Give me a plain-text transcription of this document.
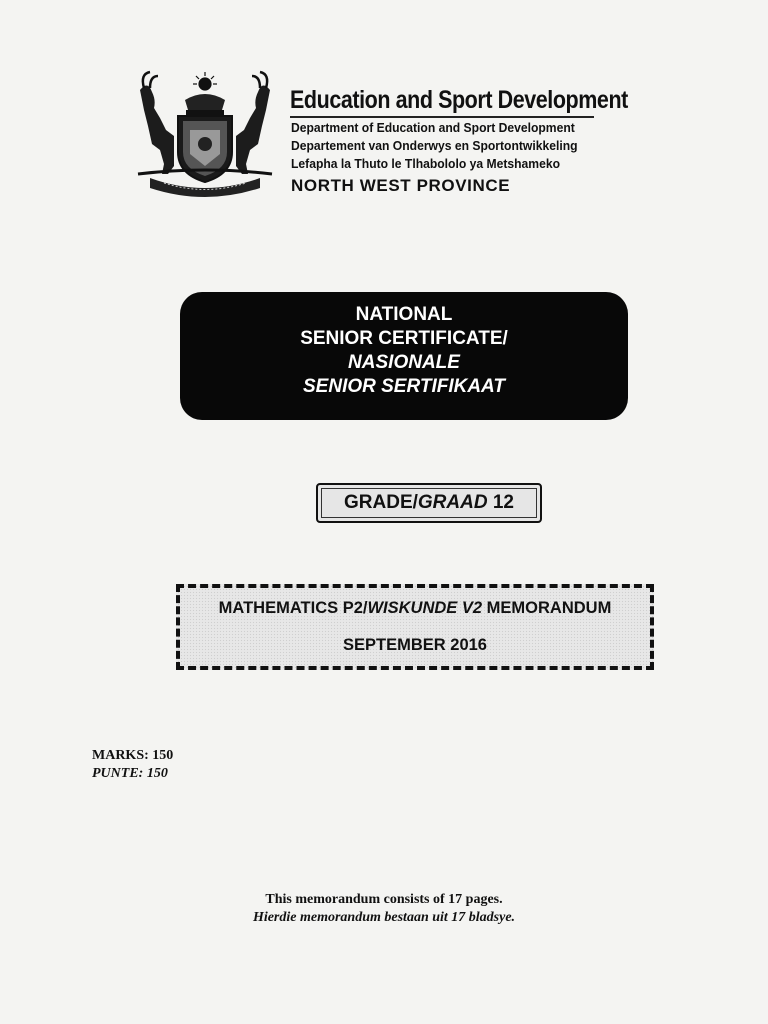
Education and Sport Development
Department of Education and Sport Development
Departement van Onderwys en Sportontwikkeling
Lefapha la Thuto le Tlhabololo ya Metshameko
NORTH WEST PROVINCE
NATIONAL
SENIOR CERTIFICATE/
NASIONALE
SENIOR SERTIFIKAAT
GRADE/GRAAD 12
MATHEMATICS P2/WISKUNDE V2 MEMORANDUM
SEPTEMBER 2016
MARKS: 150
PUNTE: 150
This memorandum consists of 17 pages.
Hierdie memorandum bestaan uit 17 bladsye.
